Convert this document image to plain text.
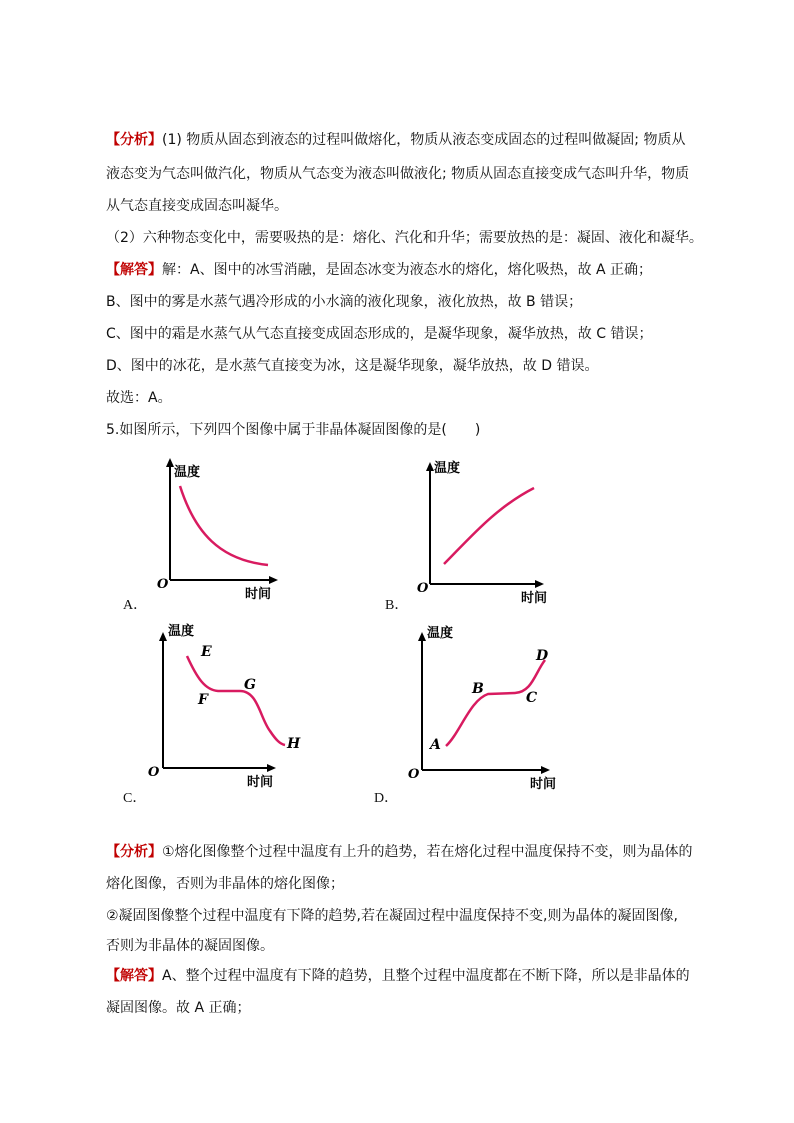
【分析】(1) 物质从固态到液态的过程叫做熔化，物质从液态变成固态的过程叫做凝固; 物质从
液态变为气态叫做汽化，物质从气态变为液态叫做液化; 物质从固态直接变成气态叫升华，物质
从气态直接变成固态叫凝华。
（2）六种物态变化中，需要吸热的是：熔化、汽化和升华；需要放热的是：凝固、液化和凝华。
【解答】解：A、图中的冰雪消融，是固态冰变为液态水的熔化，熔化吸热，故 A 正确；
B、图中的雾是水蒸气遇冷形成的小水滴的液化现象，液化放热，故 B 错误；
C、图中的霜是水蒸气从气态直接变成固态形成的，是凝华现象，凝华放热，故 C 错误；
D、图中的冰花，是水蒸气直接变为冰，这是凝华现象，凝华放热，故 D 错误。
故选：A。
5.如图所示，下列四个图像中属于非晶体凝固图像的是(　　)
温度
时间
O
温度
时间
O
温度
时间
O
E
F
G
H
温度
时间
O
A
B
C
D
A．	B．
C．	D．
【分析】①熔化图像整个过程中温度有上升的趋势，若在熔化过程中温度保持不变，则为晶体的
熔化图像，否则为非晶体的熔化图像；
②凝固图像整个过程中温度有下降的趋势,若在凝固过程中温度保持不变,则为晶体的凝固图像,
否则为非晶体的凝固图像。
【解答】A、整个过程中温度有下降的趋势，且整个过程中温度都在不断下降，所以是非晶体的
凝固图像。故 A 正确；
